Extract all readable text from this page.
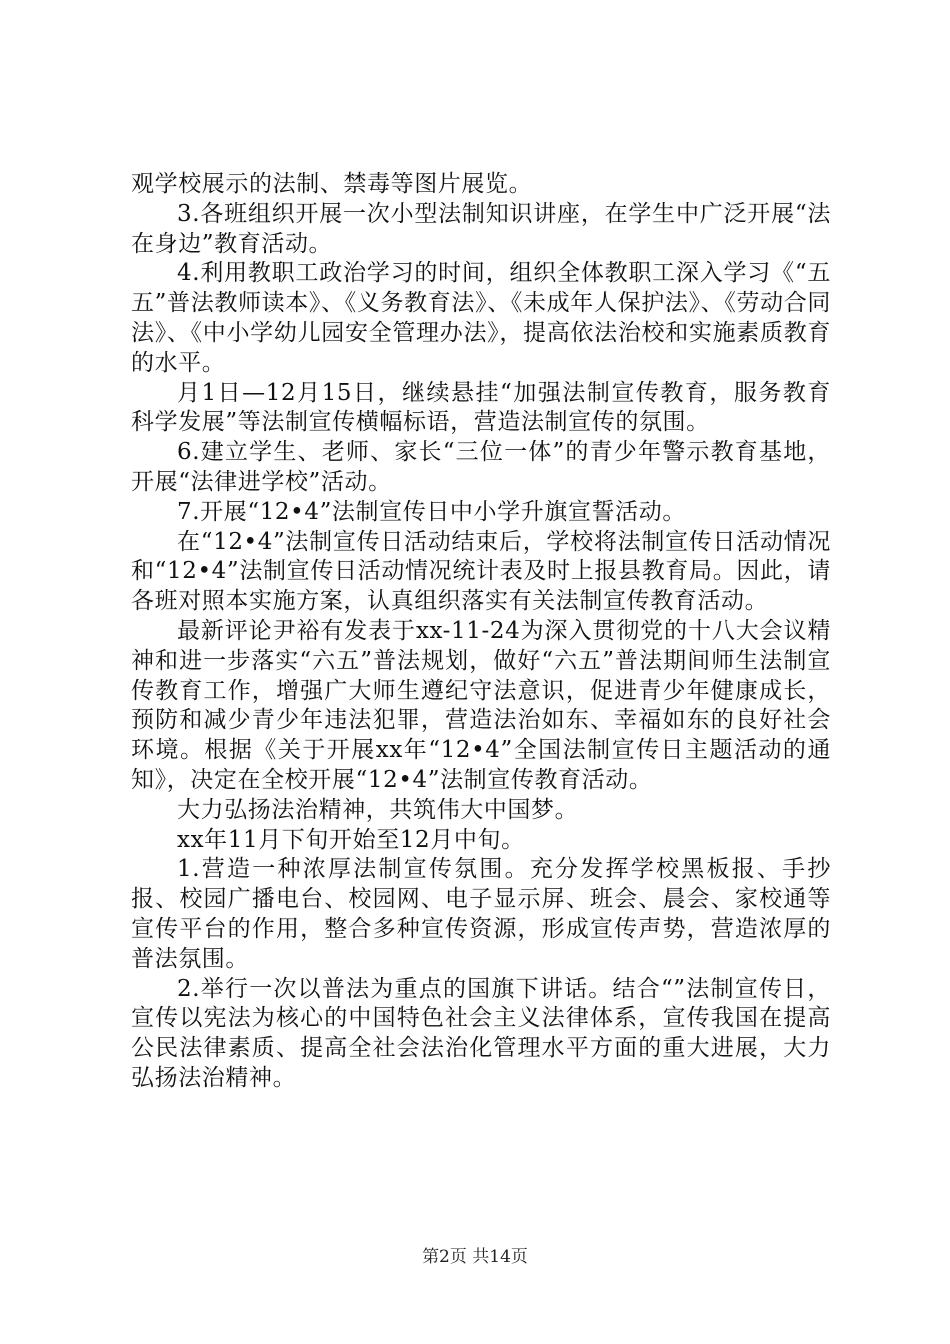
观学校展示的法制、禁毒等图片展览。

3.各班组织开展一次小型法制知识讲座，在学生中广泛开展“法在身边”教育活动。

4.利用教职工政治学习的时间，组织全体教职工深入学习《“五五”普法教师读本》、《义务教育法》、《未成年人保护法》、《劳动合同法》、《中小学幼儿园安全管理办法》，提高依法治校和实施素质教育的水平。

月1日—12月15日，继续悬挂“加强法制宣传教育，服务教育科学发展”等法制宣传横幅标语，营造法制宣传的氛围。

6.建立学生、老师、家长“三位一体”的青少年警示教育基地，开展“法律进学校”活动。

7.开展“12•4”法制宣传日中小学升旗宣誓活动。

在“12•4”法制宣传日活动结束后，学校将法制宣传日活动情况和“12•4”法制宣传日活动情况统计表及时上报县教育局。因此，请各班对照本实施方案，认真组织落实有关法制宣传教育活动。

最新评论尹裕有发表于xx-11-24为深入贯彻党的十八大会议精神和进一步落实“六五”普法规划，做好“六五”普法期间师生法制宣传教育工作，增强广大师生遵纪守法意识，促进青少年健康成长，预防和减少青少年违法犯罪，营造法治如东、幸福如东的良好社会环境。根据《关于开展xx年“12•4”全国法制宣传日主题活动的通知》，决定在全校开展“12•4”法制宣传教育活动。

大力弘扬法治精神，共筑伟大中国梦。

xx年11月下旬开始至12月中旬。

1.营造一种浓厚法制宣传氛围。充分发挥学校黑板报、手抄报、校园广播电台、校园网、电子显示屏、班会、晨会、家校通等宣传平台的作用，整合多种宣传资源，形成宣传声势，营造浓厚的普法氛围。

2.举行一次以普法为重点的国旗下讲话。结合“”法制宣传日，宣传以宪法为核心的中国特色社会主义法律体系，宣传我国在提高公民法律素质、提高全社会法治化管理水平方面的重大进展，大力弘扬法治精神。

第2页 共14页
